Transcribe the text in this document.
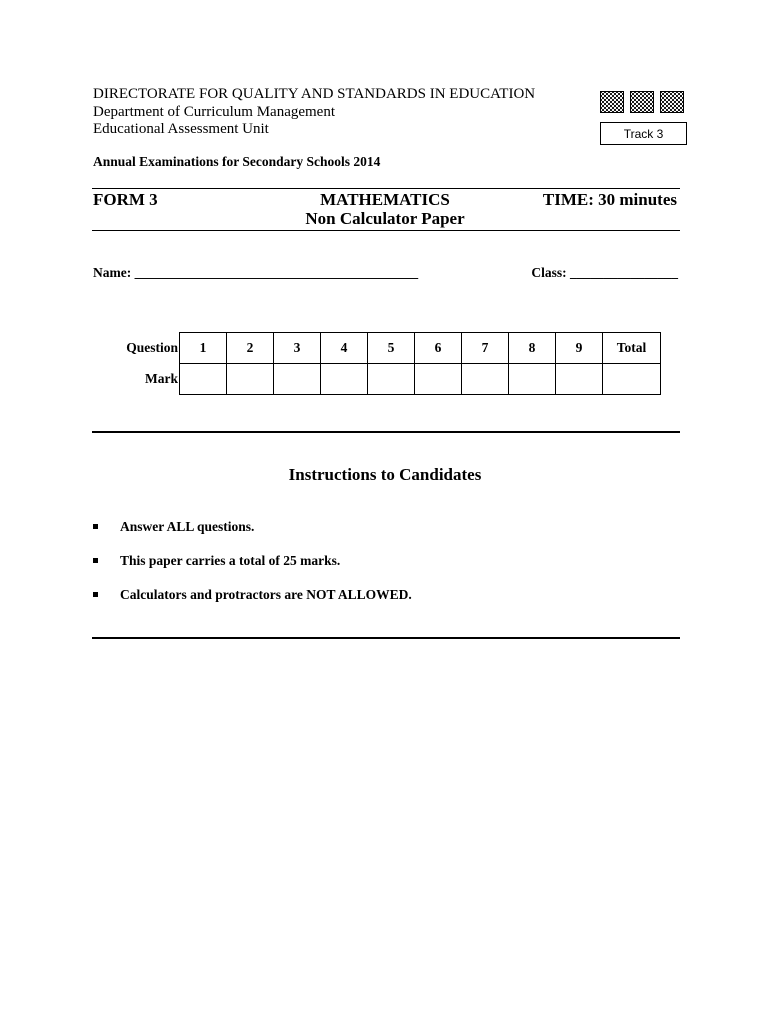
DIRECTORATE FOR QUALITY AND STANDARDS IN EDUCATION
Department of Curriculum Management
Educational Assessment Unit	Track 3
Annual Examinations for Secondary Schools 2014
FORM 3	MATHEMATICS
Non Calculator Paper
TIME: 30 minutes
Name: __________________________________________	Class: ________________
Question	1	2	3	4	5	6	7	8	9	Total
Mark										
Instructions to Candidates
Answer ALL questions.
This paper carries a total of 25 marks.
Calculators and protractors are NOT ALLOWED.
